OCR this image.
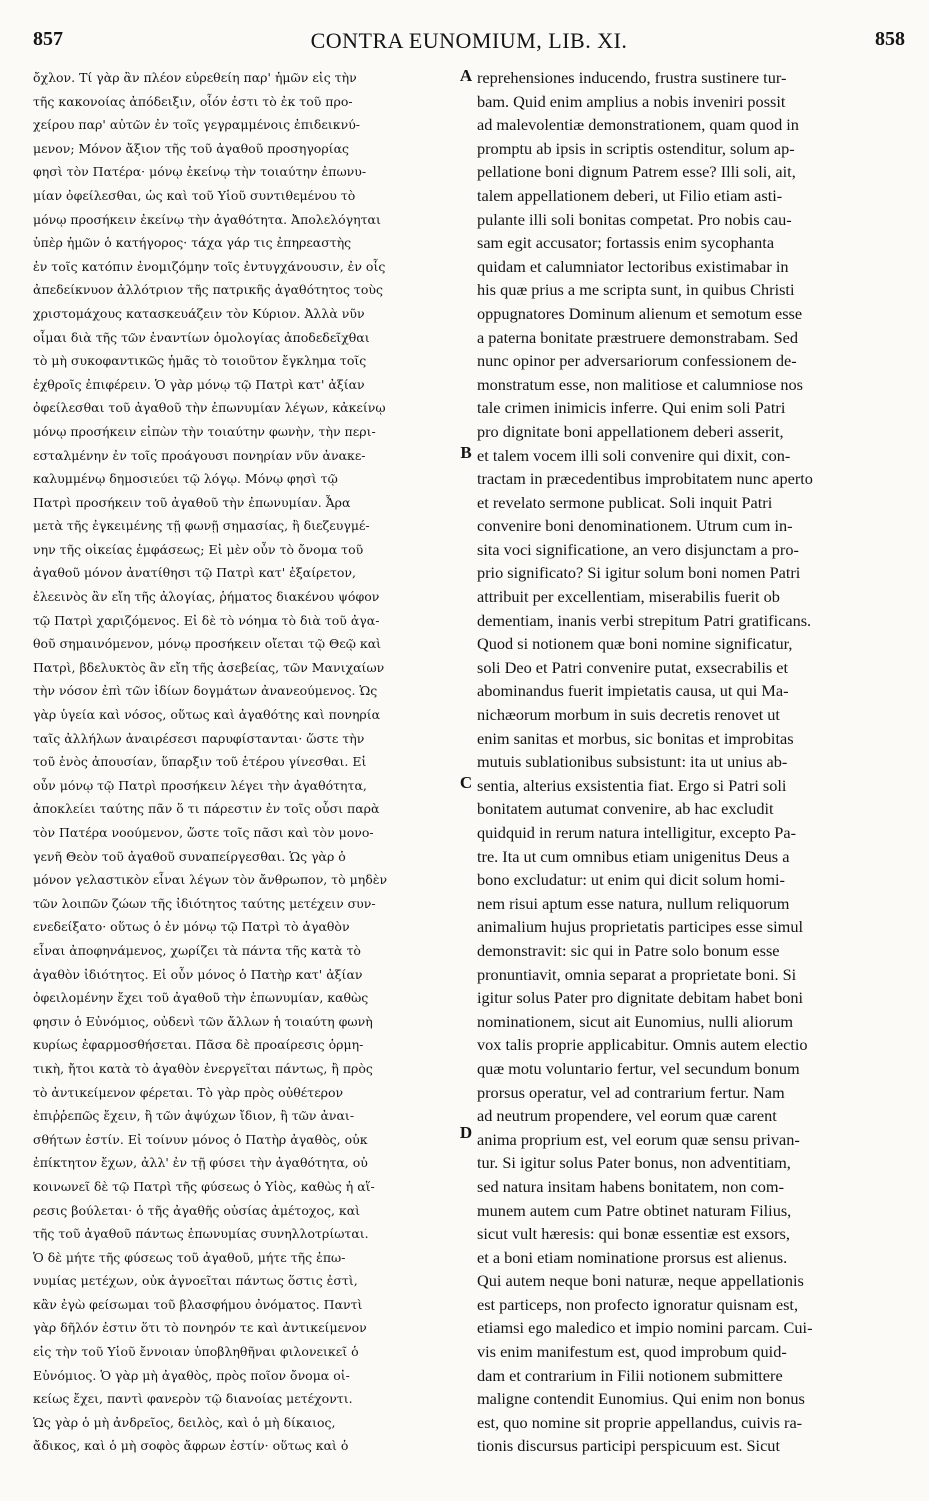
857	CONTRA EUNOMIUM, LIB. XI.	858
ὄχλον. Τί γὰρ ἂν πλέον εὑρεθείη παρ' ἡμῶν εἰς τὴν
τῆς κακονοίας ἀπόδειξιν, οἷόν ἐστι τὸ ἐκ τοῦ προ-
χείρου παρ' αὐτῶν ἐν τοῖς γεγραμμένοις ἐπιδεικνύ-
μενον; Μόνον ἄξιον τῆς τοῦ ἀγαθοῦ προσηγορίας
φησὶ τὸν Πατέρα· μόνῳ ἐκείνῳ τὴν τοιαύτην ἐπωνυ-
μίαν ὀφείλεσθαι, ὡς καὶ τοῦ Υἱοῦ συντιθεμένου τὸ
μόνῳ προσήκειν ἐκείνῳ τὴν ἀγαθότητα. Ἀπολελόγηται
ὑπὲρ ἡμῶν ὁ κατήγορος· τάχα γάρ τις ἐπηρεαστὴς
ἐν τοῖς κατόπιν ἐνομιζόμην τοῖς ἐντυγχάνουσιν, ἐν οἷς
ἀπεδείκνυον ἀλλότριον τῆς πατρικῆς ἀγαθότητος τοὺς
χριστομάχους κατασκευάζειν τὸν Κύριον. Ἀλλὰ νῦν
οἶμαι διὰ τῆς τῶν ἐναντίων ὁμολογίας ἀποδεδεῖχθαι
τὸ μὴ συκοφαντικῶς ἡμᾶς τὸ τοιοῦτον ἔγκλημα τοῖς
ἐχθροῖς ἐπιφέρειν. Ὁ γὰρ μόνῳ τῷ Πατρὶ κατ' ἀξίαν
ὀφείλεσθαι τοῦ ἀγαθοῦ τὴν ἐπωνυμίαν λέγων, κἀκείνῳ
μόνῳ προσήκειν εἰπὼν τὴν τοιαύτην φωνὴν, τὴν περι-
εσταλμένην ἐν τοῖς προάγουσι πονηρίαν νῦν ἀνακε-
καλυμμένῳ δημοσιεύει τῷ λόγῳ. Μόνῳ φησὶ τῷ
Πατρὶ προσήκειν τοῦ ἀγαθοῦ τὴν ἐπωνυμίαν. Ἆρα
μετὰ τῆς ἐγκειμένης τῇ φωνῇ σημασίας, ἢ διεζευγμέ-
νην τῆς οἰκείας ἐμφάσεως; Εἰ μὲν οὖν τὸ ὄνομα τοῦ
ἀγαθοῦ μόνον ἀνατίθησι τῷ Πατρὶ κατ' ἐξαίρετον,
ἐλεεινὸς ἂν εἴη τῆς ἀλογίας, ῥήματος διακένου ψόφον
τῷ Πατρὶ χαριζόμενος. Εἰ δὲ τὸ νόημα τὸ διὰ τοῦ ἀγα-
θοῦ σημαινόμενον, μόνῳ προσήκειν οἴεται τῷ Θεῷ καὶ
Πατρὶ, βδελυκτὸς ἂν εἴη τῆς ἀσεβείας, τῶν Μανιχαίων
τὴν νόσον ἐπὶ τῶν ἰδίων δογμάτων ἀνανεούμενος. Ὡς
γὰρ ὑγεία καὶ νόσος, οὕτως καὶ ἀγαθότης καὶ πονηρία
ταῖς ἀλλήλων ἀναιρέσεσι παρυφίστανται· ὥστε τὴν
τοῦ ἑνὸς ἀπουσίαν, ὕπαρξιν τοῦ ἑτέρου γίνεσθαι. Εἰ
οὖν μόνῳ τῷ Πατρὶ προσήκειν λέγει τὴν ἀγαθότητα,
ἀποκλείει ταύτης πᾶν ὅ τι πάρεστιν ἐν τοῖς οὖσι παρὰ
τὸν Πατέρα νοούμενον, ὥστε τοῖς πᾶσι καὶ τὸν μονο-
γενῆ Θεὸν τοῦ ἀγαθοῦ συναπείργεσθαι. Ὡς γὰρ ὁ
μόνον γελαστικὸν εἶναι λέγων τὸν ἄνθρωπον, τὸ μηδὲν
τῶν λοιπῶν ζώων τῆς ἰδιότητος ταύτης μετέχειν συν-
ενεδείξατο· οὕτως ὁ ἐν μόνῳ τῷ Πατρὶ τὸ ἀγαθὸν
εἶναι ἀποφηνάμενος, χωρίζει τὰ πάντα τῆς κατὰ τὸ
ἀγαθὸν ἰδιότητος. Εἰ οὖν μόνος ὁ Πατὴρ κατ' ἀξίαν
ὀφειλομένην ἔχει τοῦ ἀγαθοῦ τὴν ἐπωνυμίαν, καθὼς
φησιν ὁ Εὐνόμιος, οὐδενὶ τῶν ἄλλων ἡ τοιαύτη φωνὴ
κυρίως ἐφαρμοσθήσεται. Πᾶσα δὲ προαίρεσις ὁρμη-
τικὴ, ἤτοι κατὰ τὸ ἀγαθὸν ἐνεργεῖται πάντως, ἢ πρὸς
τὸ ἀντικείμενον φέρεται. Τὸ γὰρ πρὸς οὐθέτερον
ἐπιῤῥεπῶς ἔχειν, ἢ τῶν ἀψύχων ἴδιον, ἢ τῶν ἀναι-
σθήτων ἐστίν. Εἰ τοίνυν μόνος ὁ Πατὴρ ἀγαθὸς, οὐκ
ἐπίκτητον ἔχων, ἀλλ' ἐν τῇ φύσει τὴν ἀγαθότητα, οὐ
κοινωνεῖ δὲ τῷ Πατρὶ τῆς φύσεως ὁ Υἱὸς, καθὼς ἡ αἵ-
ρεσις βούλεται· ὁ τῆς ἀγαθῆς οὐσίας ἀμέτοχος, καὶ
τῆς τοῦ ἀγαθοῦ πάντως ἐπωνυμίας συνηλλοτρίωται.
Ὁ δὲ μήτε τῆς φύσεως τοῦ ἀγαθοῦ, μήτε τῆς ἐπω-
νυμίας μετέχων, οὐκ ἀγνοεῖται πάντως ὅστις ἐστὶ,
κἂν ἐγὼ φείσωμαι τοῦ βλασφήμου ὀνόματος. Παντὶ
γὰρ δῆλόν ἐστιν ὅτι τὸ πονηρόν τε καὶ ἀντικείμενον
εἰς τὴν τοῦ Υἱοῦ ἔννοιαν ὑποβληθῆναι φιλονεικεῖ ὁ
Εὐνόμιος. Ὁ γὰρ μὴ ἀγαθὸς, πρὸς ποῖον ὄνομα οἰ-
κείως ἔχει, παντὶ φανερὸν τῷ διανοίας μετέχοντι.
Ὡς γὰρ ὁ μὴ ἀνδρεῖος, δειλὸς, καὶ ὁ μὴ δίκαιος,
ἄδικος, καὶ ὁ μὴ σοφὸς ἄφρων ἐστίν· οὕτως καὶ ὁ
reprehensiones inducendo, frustra sustinere tur-
bam. Quid enim amplius a nobis inveniri possit
ad malevolentiæ demonstrationem, quam quod in
promptu ab ipsis in scriptis ostenditur, solum ap-
pellatione boni dignum Patrem esse? Illi soli, ait,
talem appellationem deberi, ut Filio etiam asti-
pulante illi soli bonitas competat. Pro nobis cau-
sam egit accusator; fortassis enim sycophanta
quidam et calumniator lectoribus existimabar in
his quæ prius a me scripta sunt, in quibus Christi
oppugnatores Dominum alienum et semotum esse
a paterna bonitate præstruere demonstrabam. Sed
nunc opinor per adversariorum confessionem de-
monstratum esse, non malitiose et calumniose nos
tale crimen inimicis inferre. Qui enim soli Patri
pro dignitate boni appellationem deberi asserit,
et talem vocem illi soli convenire qui dixit, con-
tractam in præcedentibus improbitatem nunc aperto
et revelato sermone publicat. Soli inquit Patri
convenire boni denominationem. Utrum cum in-
sita voci significatione, an vero disjunctam a pro-
prio significato? Si igitur solum boni nomen Patri
attribuit per excellentiam, miserabilis fuerit ob
dementiam, inanis verbi strepitum Patri gratificans.
Quod si notionem quæ boni nomine significatur,
soli Deo et Patri convenire putat, exsecrabilis et
abominandus fuerit impietatis causa, ut qui Ma-
nichæorum morbum in suis decretis renovet ut
enim sanitas et morbus, sic bonitas et improbitas
mutuis sublationibus subsistunt: ita ut unius ab-
sentia, alterius exsistentia fiat. Ergo si Patri soli
bonitatem autumat convenire, ab hac excludit
quidquid in rerum natura intelligitur, excepto Pa-
tre. Ita ut cum omnibus etiam unigenitus Deus a
bono excludatur: ut enim qui dicit solum homi-
nem risui aptum esse natura, nullum reliquorum
animalium hujus proprietatis participes esse simul
demonstravit: sic qui in Patre solo bonum esse
pronuntiavit, omnia separat a proprietate boni. Si
igitur solus Pater pro dignitate debitam habet boni
nominationem, sicut ait Eunomius, nulli aliorum
vox talis proprie applicabitur. Omnis autem electio
quæ motu voluntario fertur, vel secundum bonum
prorsus operatur, vel ad contrarium fertur. Nam
ad neutrum propendere, vel eorum quæ carent
anima proprium est, vel eorum quæ sensu privan-
tur. Si igitur solus Pater bonus, non adventitiam,
sed natura insitam habens bonitatem, non com-
munem autem cum Patre obtinet naturam Filius,
sicut vult hæresis: qui bonæ essentiæ est exsors,
et a boni etiam nominatione prorsus est alienus.
Qui autem neque boni naturæ, neque appellationis
est particeps, non profecto ignoratur quisnam est,
etiamsi ego maledico et impio nomini parcam. Cui-
vis enim manifestum est, quod improbum quid-
dam et contrarium in Filii notionem submittere
maligne contendit Eunomius. Qui enim non bonus
est, quo nomine sit proprie appellandus, cuivis ra-
tionis discursus participi perspicuum est. Sicut
A
B
C
D
